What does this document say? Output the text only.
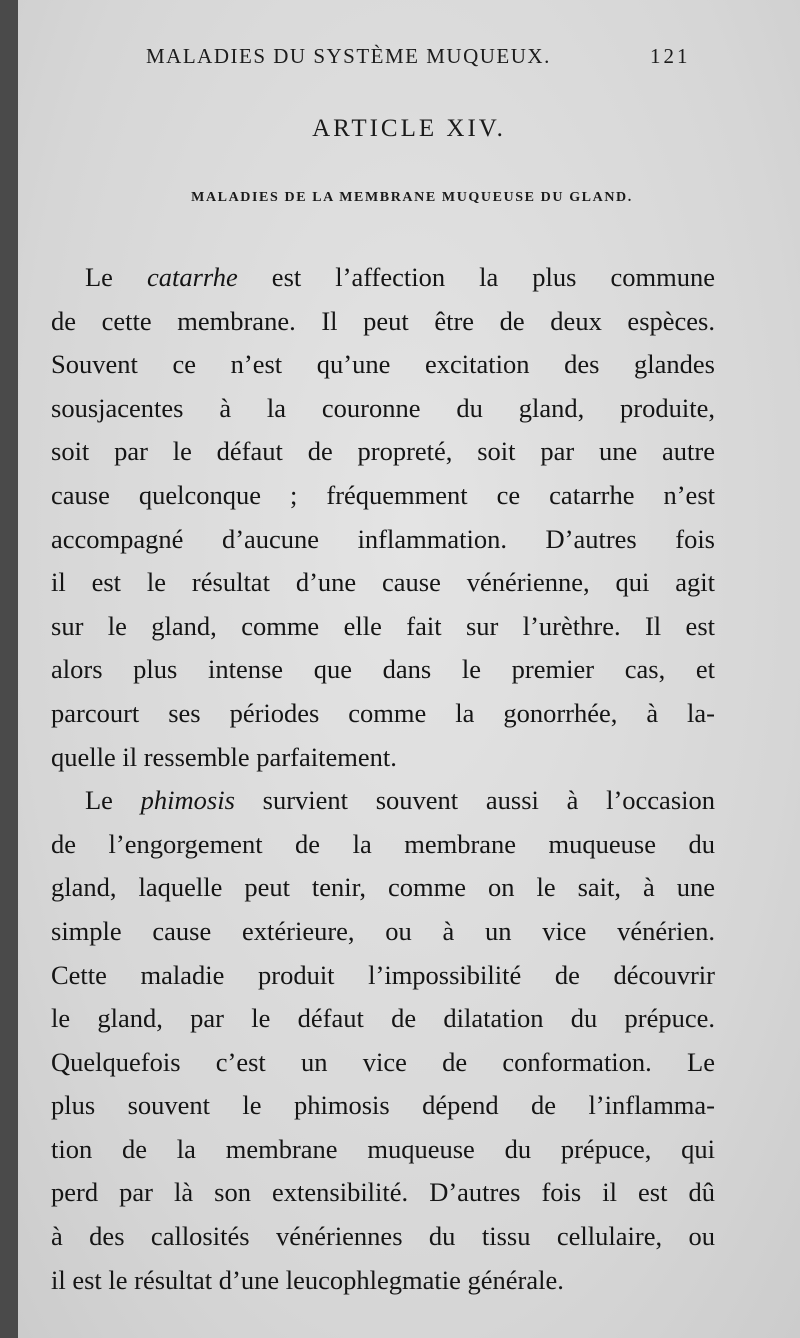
MALADIES DU SYSTÈME MUQUEUX.	121
ARTICLE XIV.
MALADIES DE LA MEMBRANE MUQUEUSE DU GLAND.
Le catarrhe est l’affection la plus commune
de cette membrane. Il peut être de deux espèces.
Souvent ce n’est qu’une excitation des glandes
sousjacentes à la couronne du gland, produite,
soit par le défaut de propreté, soit par une autre
cause quelconque ; fréquemment ce catarrhe n’est
accompagné d’aucune inflammation. D’autres fois
il est le résultat d’une cause vénérienne, qui agit
sur le gland, comme elle fait sur l’urèthre. Il est
alors plus intense que dans le premier cas, et
parcourt ses périodes comme la gonorrhée, à la-
quelle il ressemble parfaitement.
Le phimosis survient souvent aussi à l’occasion
de l’engorgement de la membrane muqueuse du
gland, laquelle peut tenir, comme on le sait, à une
simple cause extérieure, ou à un vice vénérien.
Cette maladie produit l’impossibilité de découvrir
le gland, par le défaut de dilatation du prépuce.
Quelquefois c’est un vice de conformation. Le
plus souvent le phimosis dépend de l’inflamma-
tion de la membrane muqueuse du prépuce, qui
perd par là son extensibilité. D’autres fois il est dû
à des callosités vénériennes du tissu cellulaire, ou
il est le résultat d’une leucophlegmatie générale.
